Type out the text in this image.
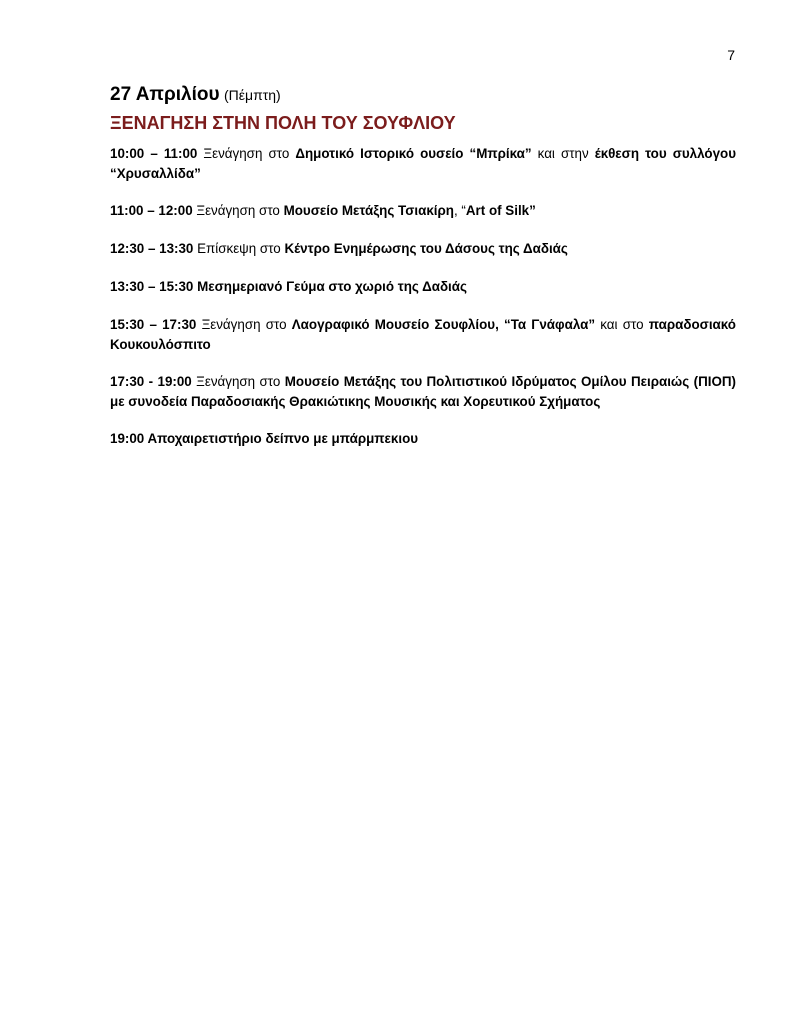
7

27 Απριλίου (Πέμπτη)

ΞΕΝΑΓΗΣΗ ΣΤΗΝ ΠΟΛΗ ΤΟΥ ΣΟΥΦΛΙΟΥ

10:00 – 11:00 Ξενάγηση στο Δημοτικό Ιστορικό ουσείο “Μπρίκα” και στην έκθεση του συλλόγου “Χρυσαλλίδα”

11:00 – 12:00 Ξενάγηση στο Μουσείο Μετάξης Τσιακίρη, “Art of Silk”

12:30 – 13:30 Επίσκεψη στο Κέντρο Ενημέρωσης του Δάσους της Δαδιάς

13:30 – 15:30 Μεσημεριανό Γεύμα στο χωριό της Δαδιάς

15:30 – 17:30 Ξενάγηση στο Λαογραφικό Μουσείο Σουφλίου, “Τα Γνάφαλα” και στο παραδοσιακό Κουκουλόσπιτο

17:30 - 19:00 Ξενάγηση στο Μουσείο Μετάξης του Πολιτιστικού Ιδρύματος Ομίλου Πειραιώς (ΠΙΟΠ) με συνοδεία Παραδοσιακής Θρακιώτικης Μουσικής και Χορευτικού Σχήματος

19:00 Αποχαιρετιστήριο δείπνο με μπάρμπεκιου
